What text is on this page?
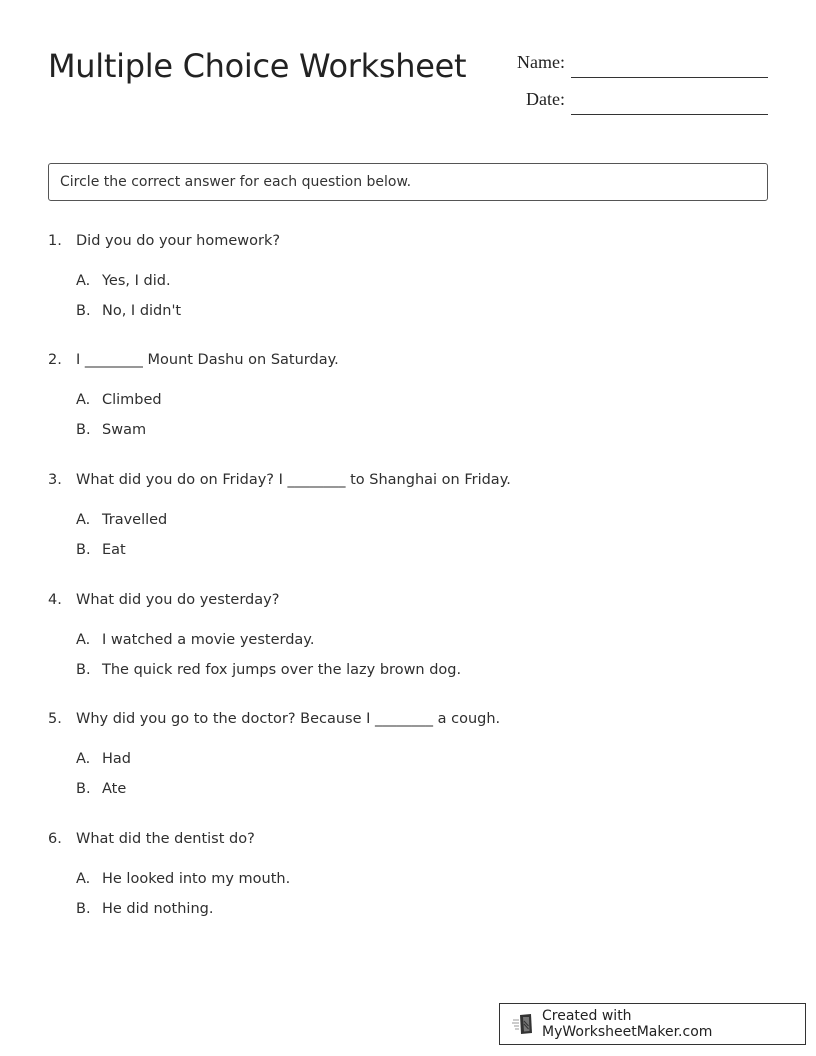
Multiple Choice Worksheet	Name:
Date:
Circle the correct answer for each question below.
1. Did you do your homework?
A. Yes, I did.
B. No, I didn't
2. I ________ Mount Dashu on Saturday.
A. Climbed
B. Swam
3. What did you do on Friday? I ________ to Shanghai on Friday.
A. Travelled
B. Eat
4. What did you do yesterday?
A. I watched a movie yesterday.
B. The quick red fox jumps over the lazy brown dog.
5. Why did you go to the doctor? Because I ________ a cough.
A. Had
B. Ate
6. What did the dentist do?
A. He looked into my mouth.
B. He did nothing.
Created with MyWorksheetMaker.com
